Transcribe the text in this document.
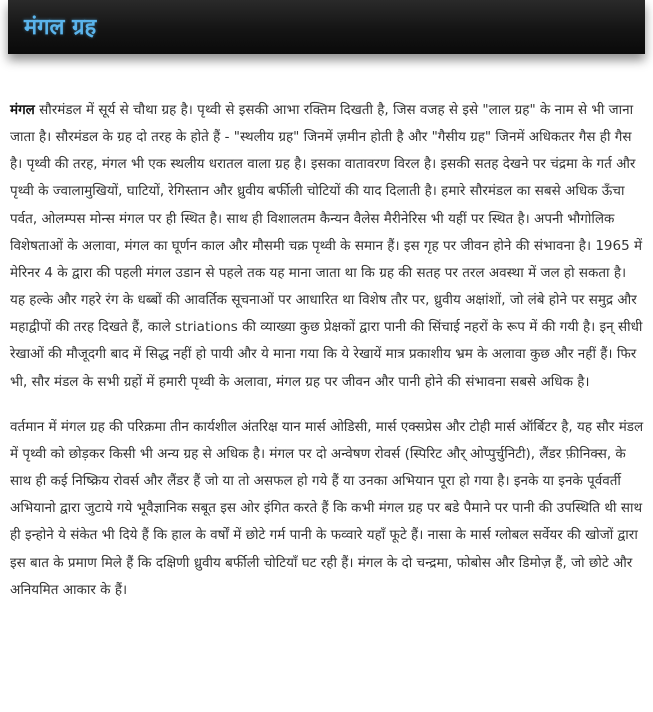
मंगल ग्रह

मंगल सौरमंडल में सूर्य से चौथा ग्रह है। पृथ्वी से इसकी आभा रक्तिम दिखती है, जिस वजह से इसे "लाल ग्रह" के नाम से भी जाना जाता है। सौरमंडल के ग्रह दो तरह के होते हैं - "स्थलीय ग्रह" जिनमें ज़मीन होती है और "गैसीय ग्रह" जिनमें अधिकतर गैस ही गैस है। पृथ्वी की तरह, मंगल भी एक स्थलीय धरातल वाला ग्रह है। इसका वातावरण विरल है। इसकी सतह देखने पर चंद्रमा के गर्त और पृथ्वी के ज्वालामुखियों, घाटियों, रेगिस्तान और ध्रुवीय बर्फीली चोटियों की याद दिलाती है। हमारे सौरमंडल का सबसे अधिक ऊँचा पर्वत, ओलम्पस मोन्स मंगल पर ही स्थित है। साथ ही विशालतम कैन्यन वैलेस मैरीनेरिस भी यहीं पर स्थित है। अपनी भौगोलिक विशेषताओं के अलावा, मंगल का घूर्णन काल और मौसमी चक्र पृथ्वी के समान हैं। इस गृह पर जीवन होने की संभावना है। 1965 में मेरिनर 4 के द्वारा की पहली मंगल उडान से पहले तक यह माना जाता था कि ग्रह की सतह पर तरल अवस्था में जल हो सकता है। यह हल्के और गहरे रंग के धब्बों की आवर्तिक सूचनाओं पर आधारित था विशेष तौर पर, ध्रुवीय अक्षांशों, जो लंबे होने पर समुद्र और महाद्वीपों की तरह दिखते हैं, काले striations की व्याख्या कुछ प्रेक्षकों द्वारा पानी की सिंचाई नहरों के रूप में की गयी है। इन् सीधी रेखाओं की मौजूदगी बाद में सिद्ध नहीं हो पायी और ये माना गया कि ये रेखायें मात्र प्रकाशीय भ्रम के अलावा कुछ और नहीं हैं। फिर भी, सौर मंडल के सभी ग्रहों में हमारी पृथ्वी के अलावा, मंगल ग्रह पर जीवन और पानी होने की संभावना सबसे अधिक है।

वर्तमान में मंगल ग्रह की परिक्रमा तीन कार्यशील अंतरिक्ष यान मार्स ओडिसी, मार्स एक्सप्रेस और टोही मार्स ऑर्बिटर है, यह सौर मंडल में पृथ्वी को छोड़कर किसी भी अन्य ग्रह से अधिक है। मंगल पर दो अन्वेषण रोवर्स (स्पिरिट और् ओप्पुर्चुनिटी), लैंडर फ़ीनिक्स, के साथ ही कई निष्क्रिय रोवर्स और लैंडर हैं जो या तो असफल हो गये हैं या उनका अभियान पूरा हो गया है। इनके या इनके पूर्ववर्ती अभियानो द्वारा जुटाये गये भूवैज्ञानिक सबूत इस ओर इंगित करते हैं कि कभी मंगल ग्रह पर बडे पैमाने पर पानी की उपस्थिति थी साथ ही इन्होने ये संकेत भी दिये हैं कि हाल के वर्षों में छोटे गर्म पानी के फव्वारे यहाँ फूटे हैं। नासा के मार्स ग्लोबल सर्वेयर की खोजों द्वारा इस बात के प्रमाण मिले हैं कि दक्षिणी ध्रुवीय बर्फीली चोटियाँ घट रही हैं। मंगल के दो चन्द्रमा, फोबोस और डिमोज़ हैं, जो छोटे और अनियमित आकार के हैं।
